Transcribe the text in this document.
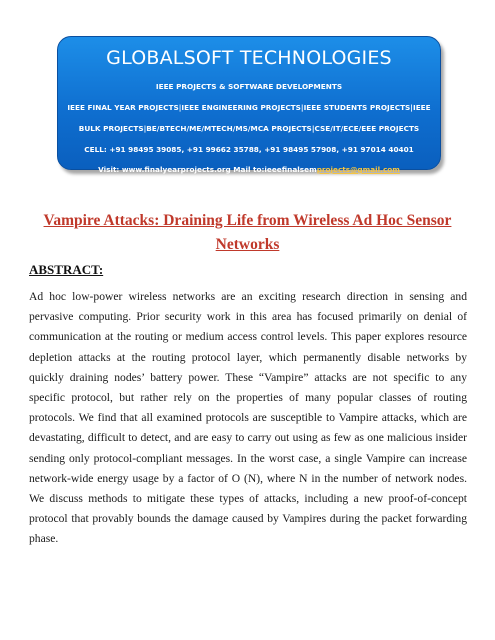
GLOBALSOFT TECHNOLOGIES
IEEE PROJECTS & SOFTWARE DEVELOPMENTS
IEEE FINAL YEAR PROJECTS|IEEE ENGINEERING PROJECTS|IEEE STUDENTS PROJECTS|IEEE
BULK PROJECTS|BE/BTECH/ME/MTECH/MS/MCA PROJECTS|CSE/IT/ECE/EEE PROJECTS
CELL: +91 98495 39085, +91 99662 35788, +91 98495 57908, +91 97014 40401
Visit: www.finalyearprojects.org Mail to:ieeefinalsemprojects@gmail.com
Vampire Attacks: Draining Life from Wireless Ad Hoc Sensor
Networks
ABSTRACT:
Ad hoc low-power wireless networks are an exciting research direction in sensing and pervasive computing. Prior security work in this area has focused primarily on denial of communication at the routing or medium access control levels. This paper explores resource depletion attacks at the routing protocol layer, which permanently disable networks by quickly draining nodes’ battery power. These “Vampire” attacks are not specific to any specific protocol, but rather rely on the properties of many popular classes of routing protocols. We find that all examined protocols are susceptible to Vampire attacks, which are devastating, difficult to detect, and are easy to carry out using as few as one malicious insider sending only protocol-compliant messages. In the worst case, a single Vampire can increase network-wide energy usage by a factor of O (N), where N in the number of network nodes. We discuss methods to mitigate these types of attacks, including a new proof-of-concept protocol that provably bounds the damage caused by Vampires during the packet forwarding phase.
